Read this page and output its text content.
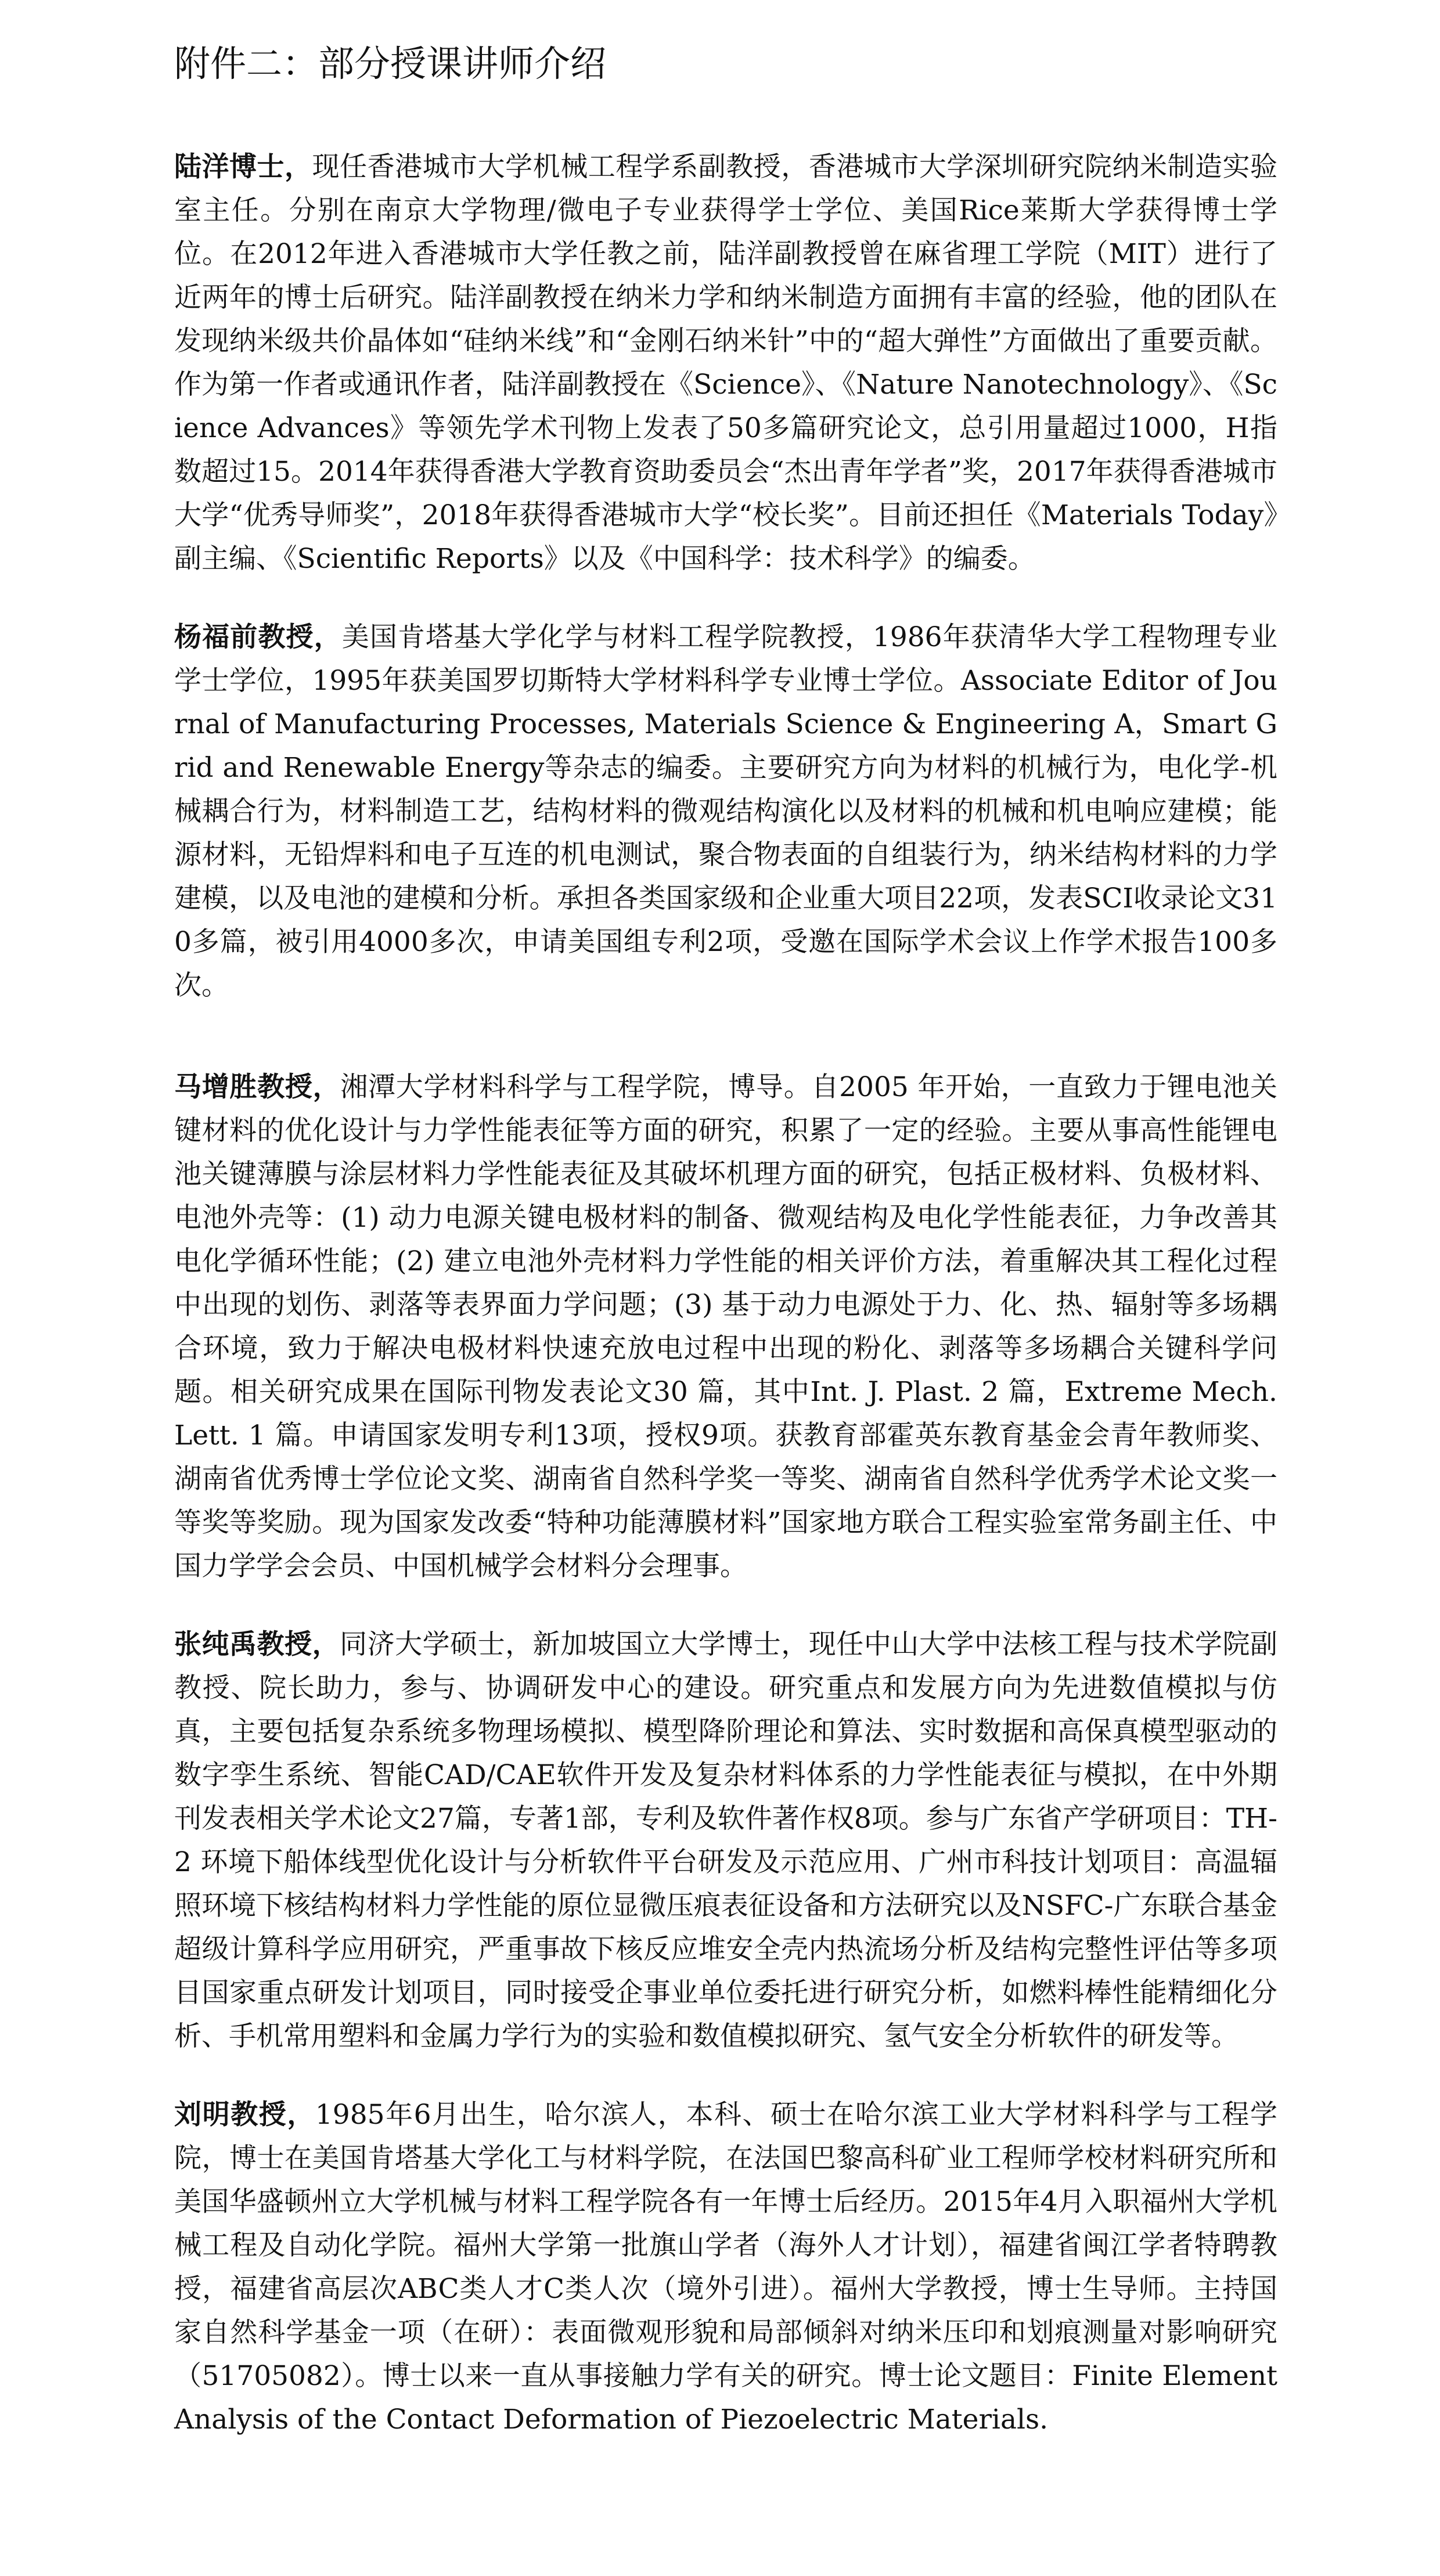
附件二：部分授课讲师介绍

陆洋博士，现任香港城市大学机械工程学系副教授，香港城市大学深圳研究院纳米制造实验室主任。分别在南京大学物理/微电子专业获得学士学位、美国Rice莱斯大学获得博士学位。在2012年进入香港城市大学任教之前，陆洋副教授曾在麻省理工学院（MIT）进行了近两年的博士后研究。陆洋副教授在纳米力学和纳米制造方面拥有丰富的经验，他的团队在发现纳米级共价晶体如“硅纳米线”和“金刚石纳米针”中的“超大弹性”方面做出了重要贡献。作为第一作者或通讯作者，陆洋副教授在《Science》、《Nature Nanotechnology》、《Science Advances》等领先学术刊物上发表了50多篇研究论文，总引用量超过1000，H指数超过15。2014年获得香港大学教育资助委员会“杰出青年学者”奖，2017年获得香港城市大学“优秀导师奖”，2018年获得香港城市大学“校长奖”。目前还担任《Materials Today》副主编、《Scientific Reports》以及《中国科学：技术科学》的编委。

杨福前教授，美国肯塔基大学化学与材料工程学院教授，1986年获清华大学工程物理专业学士学位，1995年获美国罗切斯特大学材料科学专业博士学位。Associate Editor of Journal of Manufacturing Processes, Materials Science & Engineering A，Smart Grid and Renewable Energy等杂志的编委。主要研究方向为材料的机械行为，电化学-机械耦合行为，材料制造工艺，结构材料的微观结构演化以及材料的机械和机电响应建模；能源材料，无铅焊料和电子互连的机电测试，聚合物表面的自组装行为，纳米结构材料的力学建模，以及电池的建模和分析。承担各类国家级和企业重大项目22项，发表SCI收录论文310多篇，被引用4000多次，申请美国组专利2项，受邀在国际学术会议上作学术报告100多次。

马增胜教授，湘潭大学材料科学与工程学院，博导。自2005 年开始，一直致力于锂电池关键材料的优化设计与力学性能表征等方面的研究，积累了一定的经验。主要从事高性能锂电池关键薄膜与涂层材料力学性能表征及其破坏机理方面的研究，包括正极材料、负极材料、电池外壳等：(1) 动力电源关键电极材料的制备、微观结构及电化学性能表征，力争改善其电化学循环性能；(2) 建立电池外壳材料力学性能的相关评价方法，着重解决其工程化过程中出现的划伤、剥落等表界面力学问题；(3) 基于动力电源处于力、化、热、辐射等多场耦合环境，致力于解决电极材料快速充放电过程中出现的粉化、剥落等多场耦合关键科学问题。相关研究成果在国际刊物发表论文30 篇，其中Int. J. Plast. 2 篇，Extreme Mech. Lett. 1 篇。申请国家发明专利13项，授权9项。获教育部霍英东教育基金会青年教师奖、湖南省优秀博士学位论文奖、湖南省自然科学奖一等奖、湖南省自然科学优秀学术论文奖一等奖等奖励。现为国家发改委“特种功能薄膜材料”国家地方联合工程实验室常务副主任、中国力学学会会员、中国机械学会材料分会理事。

张纯禹教授，同济大学硕士，新加坡国立大学博士，现任中山大学中法核工程与技术学院副教授、院长助力，参与、协调研发中心的建设。研究重点和发展方向为先进数值模拟与仿真，主要包括复杂系统多物理场模拟、模型降阶理论和算法、实时数据和高保真模型驱动的数字孪生系统、智能CAD/CAE软件开发及复杂材料体系的力学性能表征与模拟，在中外期刊发表相关学术论文27篇，专著1部，专利及软件著作权8项。参与广东省产学研项目：TH-2 环境下船体线型优化设计与分析软件平台研发及示范应用、广州市科技计划项目：高温辐照环境下核结构材料力学性能的原位显微压痕表征设备和方法研究以及NSFC-广东联合基金超级计算科学应用研究，严重事故下核反应堆安全壳内热流场分析及结构完整性评估等多项目国家重点研发计划项目，同时接受企事业单位委托进行研究分析，如燃料棒性能精细化分析、手机常用塑料和金属力学行为的实验和数值模拟研究、氢气安全分析软件的研发等。

刘明教授，1985年6月出生，哈尔滨人，本科、硕士在哈尔滨工业大学材料科学与工程学院，博士在美国肯塔基大学化工与材料学院，在法国巴黎高科矿业工程师学校材料研究所和美国华盛顿州立大学机械与材料工程学院各有一年博士后经历。2015年4月入职福州大学机械工程及自动化学院。福州大学第一批旗山学者（海外人才计划），福建省闽江学者特聘教授，福建省高层次ABC类人才C类人次（境外引进）。福州大学教授，博士生导师。主持国家自然科学基金一项（在研）：表面微观形貌和局部倾斜对纳米压印和划痕测量对影响研究（51705082）。博士以来一直从事接触力学有关的研究。博士论文题目：Finite Element Analysis of the Contact Deformation of Piezoelectric Materials.
